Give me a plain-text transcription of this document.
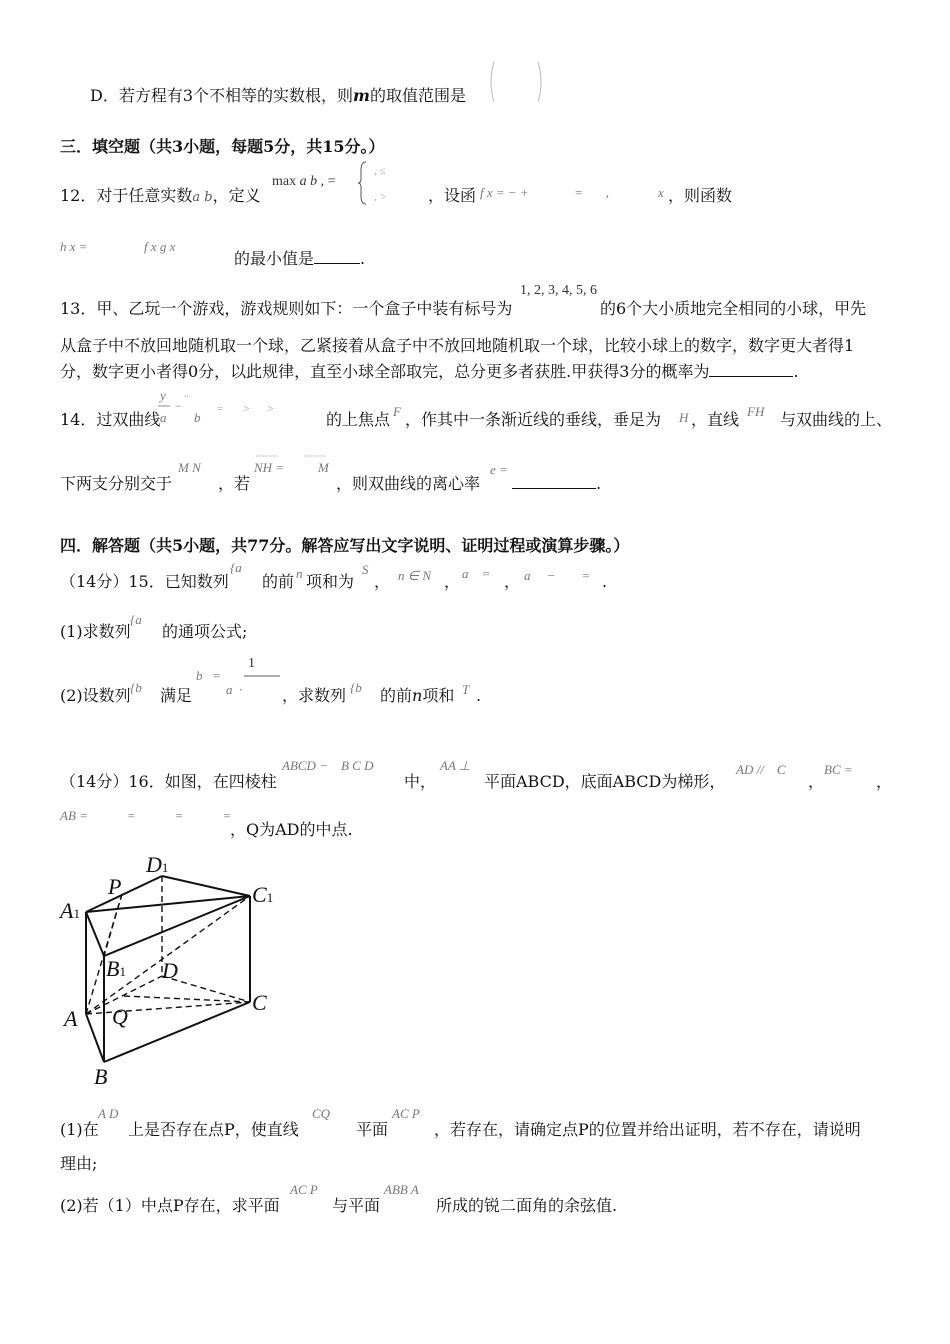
D．若方程有3个不相等的实数根，则m的取值范围是
三．填空题（共3小题，每题5分，共15分。）
12．对于任意实数a b，定义
max a b , =
, ≤
, >	，设函 f x = − +              =       ,	x ，则函数
h x =	f x g x
的最小值是	.
1, 2, 3, 4, 5, 6
13．甲、乙玩一个游戏，游戏规则如下：一个盒子中装有标号为	的6个大小质地完全相同的小球，甲先
从盒子中不放回地随机取一个球，乙紧接着从盒子中不放回地随机取一个球，比较小球上的数字，数字更大者得1
分，数字更小者得0分，以此规律，直至小球全部取完，总分更多者获胜.甲获得3分的概率为	.
14．过双曲线
y
a
−
··
b
=       >      >
的上焦点 F ，作其中一条渐近线的垂线，垂足为 H ，直线 FH 与双曲线的上、
下两支分别交于
M N
，若
NH =	M
，则双曲线的离心率
e =
.
四．解答题（共5小题，共77分。解答应写出文字说明、证明过程或演算步骤。）
（14分）15．已知数列
{a
的前 n 项和为
S
， n ∈ N ， a    = ， a     −        = .
(1)求数列
{a
的通项公式;
(2)设数列 {b 满足
b   =
1
a  · ，求数列 {b 的前n项和 T .
（14分）16．如图，在四棱柱
ABCD −    B C D
中，
AA ⊥
平面ABCD，底面ABCD为梯形，
AD //    C
，
BC =
，
AB =            =            =            =
，Q为AD的中点.
D1
C1
A1
P
B1 D
A Q
C
B
(1)在
A D
上是否存在点P，使直线
CQ
平面
AC P
，若存在，请确定点P的位置并给出证明，若不存在，请说明
理由;
(2)若（1）中点P存在，求平面
AC P
与平面
ABB A
所成的锐二面角的余弦值.
